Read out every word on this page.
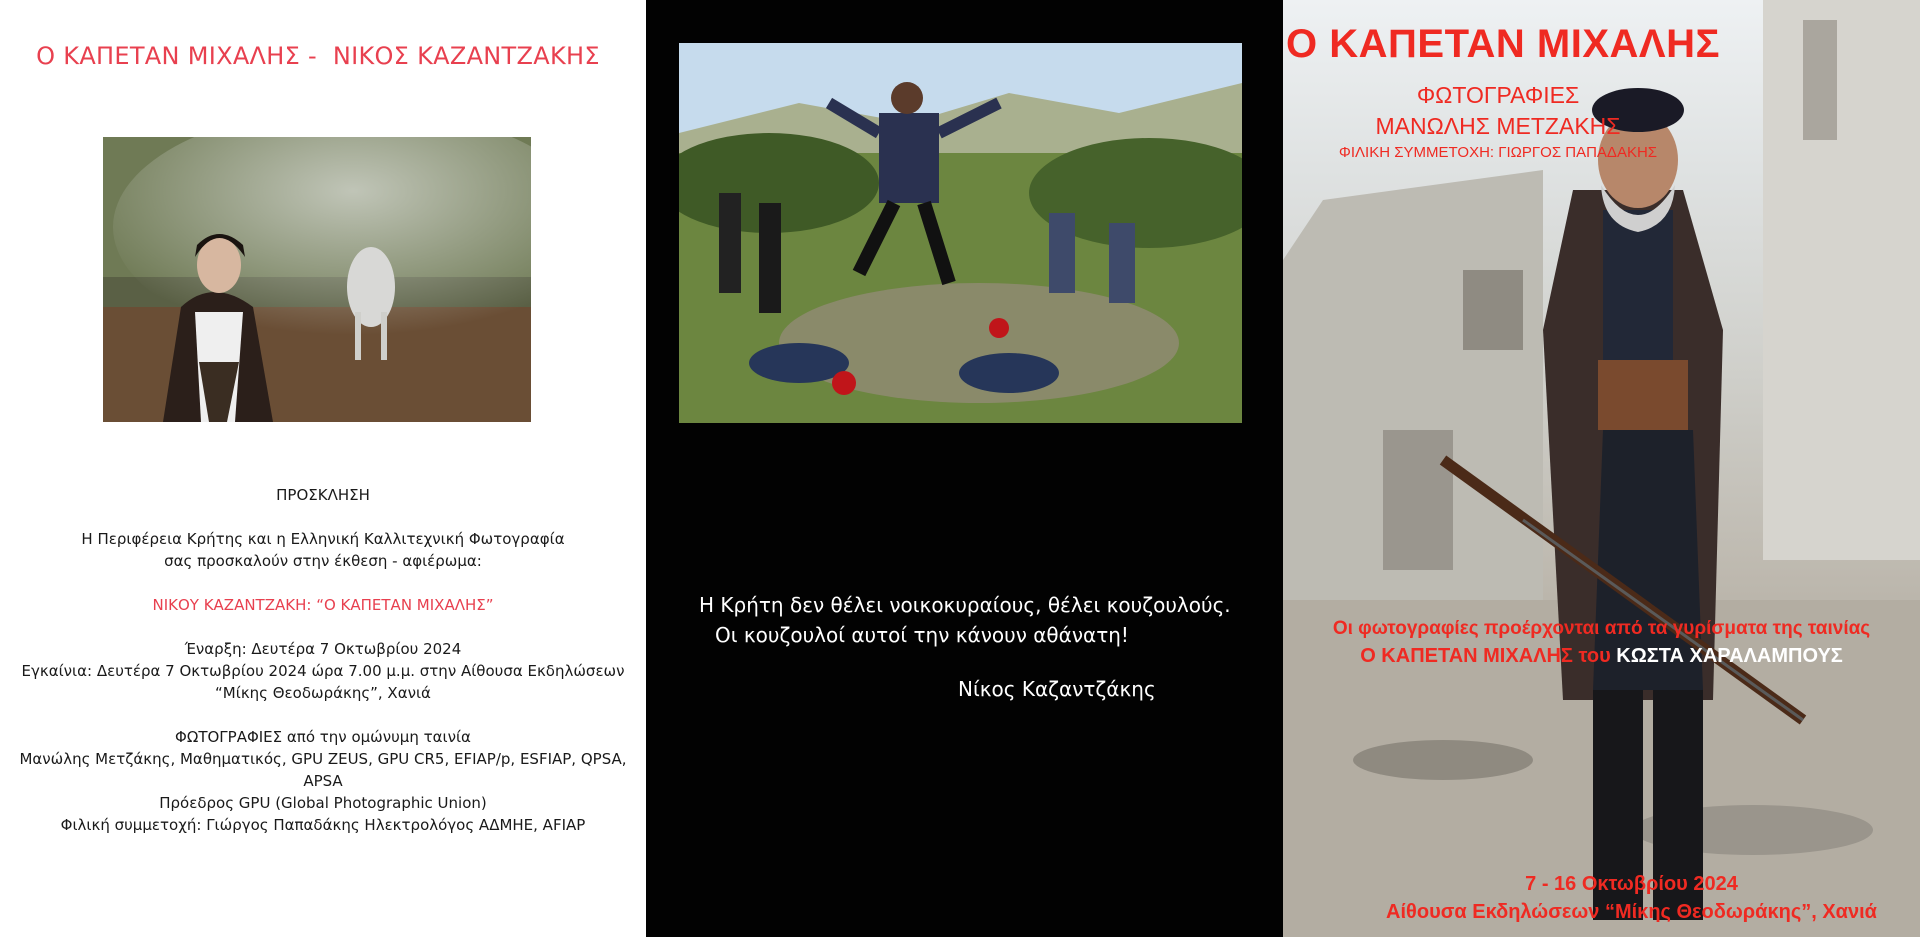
Ο ΚΑΠΕΤΑΝ ΜΙΧΑΛΗΣ -  ΝΙΚΟΣ ΚΑΖΑΝΤΖΑΚΗΣ
ΠΡΟΣΚΛΗΣΗ
Η Περιφέρεια Κρήτης και η Ελληνική Καλλιτεχνική Φωτογραφία
σας προσκαλούν στην έκθεση - αφιέρωμα:
ΝΙΚΟΥ ΚΑΖΑΝΤΖΑΚΗ: “Ο ΚΑΠΕΤΑΝ ΜΙΧΑΛΗΣ”
Έναρξη: Δευτέρα 7 Οκτωβρίου 2024
Εγκαίνια: Δευτέρα 7 Οκτωβρίου 2024 ώρα 7.00 μ.μ. στην Αίθουσα Εκδηλώσεων
“Μίκης Θεοδωράκης”, Χανιά
ΦΩΤΟΓΡΑΦΙΕΣ από την ομώνυμη ταινία
Μανώλης Μετζάκης, Μαθηματικός, GPU ZEUS, GPU CR5, EFIAP/p, ESFIAP, QPSA, APSA
Πρόεδρος GPU (Global Photographic Union)
Φιλική συμμετοχή: Γιώργος Παπαδάκης Ηλεκτρολόγος ΑΔΜΗΕ, AFIAP
Η Κρήτη δεν θέλει νοικοκυραίους, θέλει κουζουλούς.
Οι κουζουλοί αυτοί την κάνουν αθάνατη!
Νίκος Καζαντζάκης
Ο ΚΑΠΕΤΑΝ ΜΙΧΑΛΗΣ
ΦΩΤΟΓΡΑΦΙΕΣ
ΜΑΝΩΛΗΣ ΜΕΤΖΑΚΗΣ
ΦΙΛΙΚΗ ΣΥΜΜΕΤΟΧΗ: ΓΙΩΡΓΟΣ ΠΑΠΑΔΑΚΗΣ
Οι φωτογραφίες προέρχονται από τα γυρίσματα της ταινίας
Ο ΚΑΠΕΤΑΝ ΜΙΧΑΛΗΣ του ΚΩΣΤΑ ΧΑΡΑΛΑΜΠΟΥΣ
7 - 16 Οκτωβρίου 2024
Αίθουσα Εκδηλώσεων “Μίκης Θεοδωράκης”, Χανιά
